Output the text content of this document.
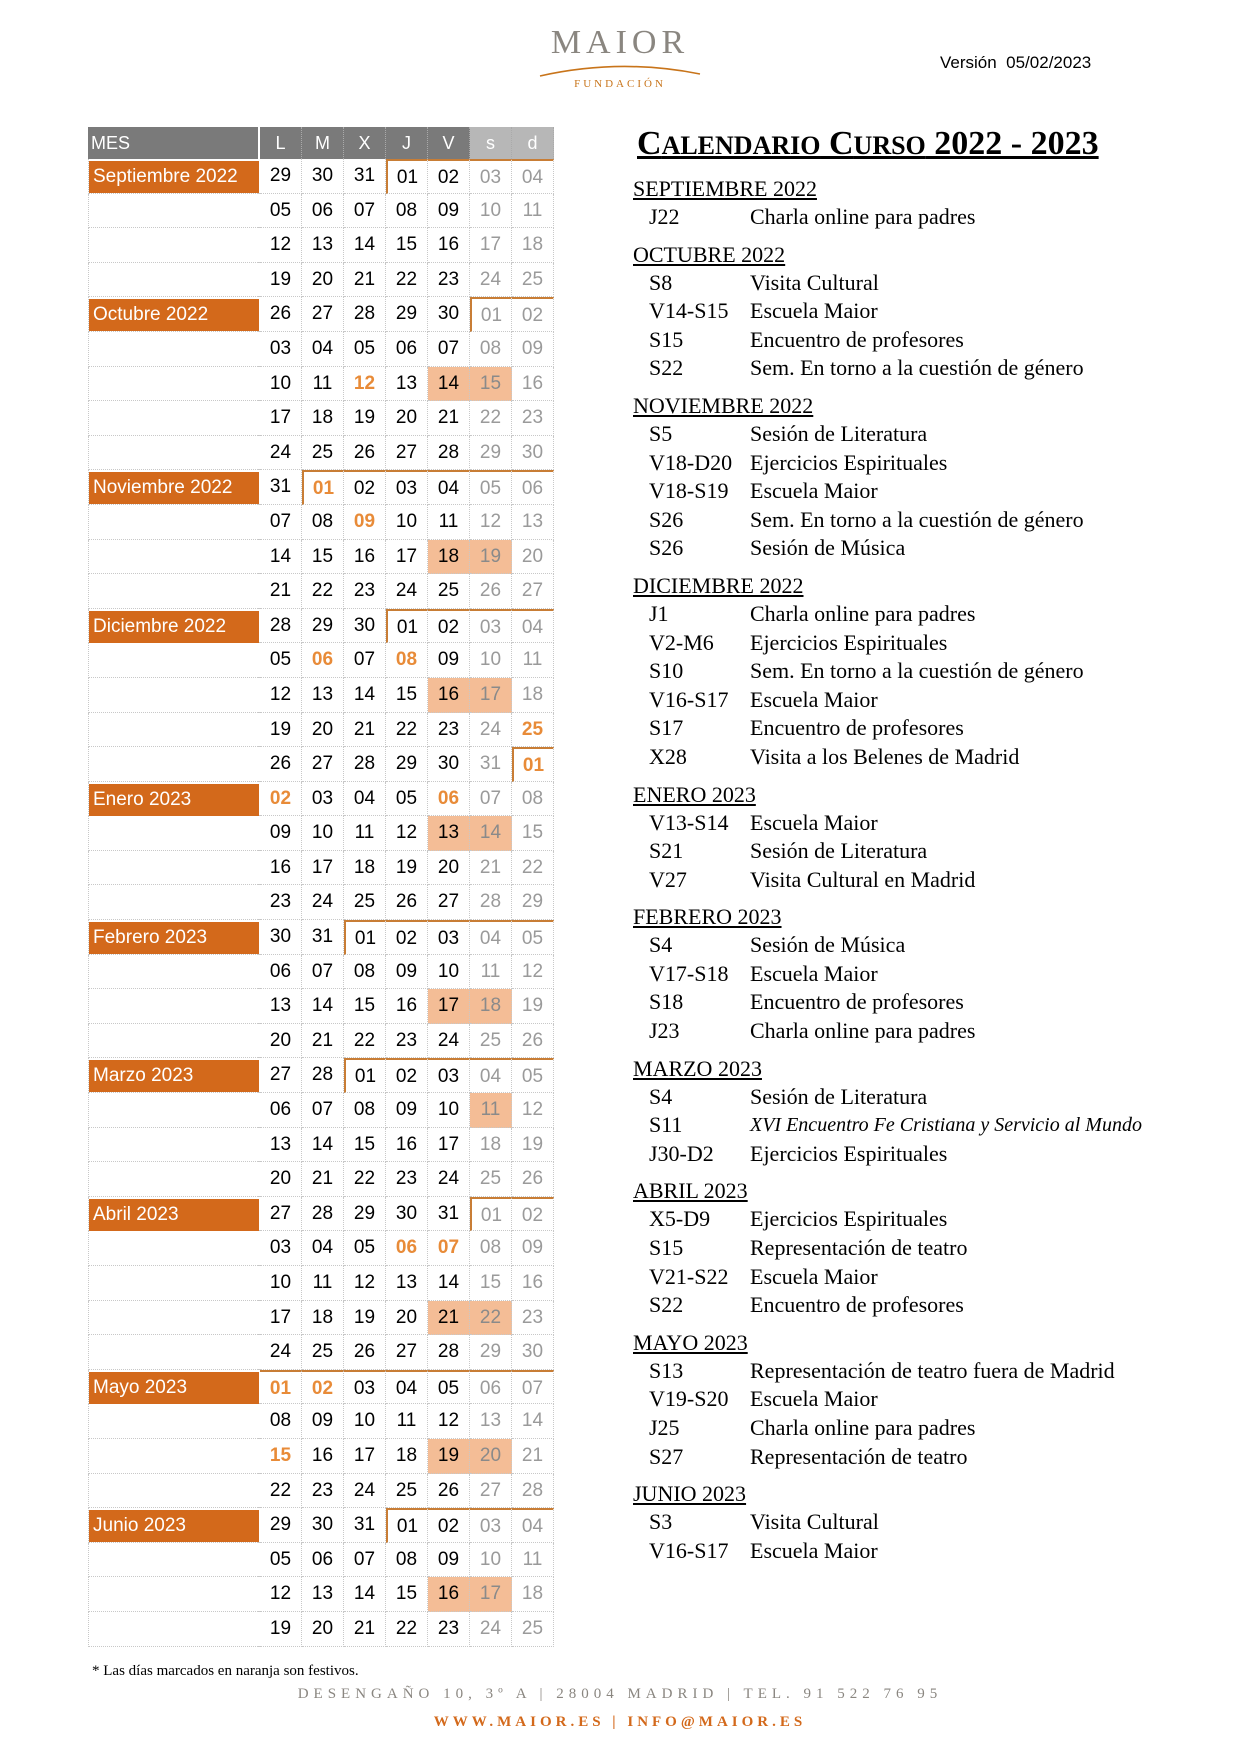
MAIOR
FUNDACIÓN
Versión  05/02/2023
MES	L	M	X	J	V	s	d
Septiembre 2022	29	30	31	01	02	03	04
05	06	07	08	09	10	11
12	13	14	15	16	17	18
19	20	21	22	23	24	25
Octubre 2022	26	27	28	29	30	01	02
03	04	05	06	07	08	09
10	11	12	13	14	15	16
17	18	19	20	21	22	23
24	25	26	27	28	29	30
Noviembre 2022	31	01	02	03	04	05	06
07	08	09	10	11	12	13
14	15	16	17	18	19	20
21	22	23	24	25	26	27
Diciembre 2022	28	29	30	01	02	03	04
05	06	07	08	09	10	11
12	13	14	15	16	17	18
19	20	21	22	23	24	25
26	27	28	29	30	31	01
Enero 2023	02	03	04	05	06	07	08
09	10	11	12	13	14	15
16	17	18	19	20	21	22
23	24	25	26	27	28	29
Febrero 2023	30	31	01	02	03	04	05
06	07	08	09	10	11	12
13	14	15	16	17	18	19
20	21	22	23	24	25	26
Marzo 2023	27	28	01	02	03	04	05
06	07	08	09	10	11	12
13	14	15	16	17	18	19
20	21	22	23	24	25	26
Abril 2023	27	28	29	30	31	01	02
03	04	05	06	07	08	09
10	11	12	13	14	15	16
17	18	19	20	21	22	23
24	25	26	27	28	29	30
Mayo 2023	01	02	03	04	05	06	07
08	09	10	11	12	13	14
15	16	17	18	19	20	21
22	23	24	25	26	27	28
Junio 2023	29	30	31	01	02	03	04
05	06	07	08	09	10	11
12	13	14	15	16	17	18
19	20	21	22	23	24	25
* Las días marcados en naranja son festivos.
CALENDARIO CURSO 2022 - 2023
SEPTIEMBRE 2022
J22	Charla online para padres
OCTUBRE 2022
S8	Visita Cultural
V14-S15 Escuela Maior
S15	Encuentro de profesores
S22	Sem. En torno a la cuestión de género
NOVIEMBRE 2022
S5	Sesión de Literatura
V18-D20 Ejercicios Espirituales
V18-S19 Escuela Maior
S26	Sem. En torno a la cuestión de género
S26	Sesión de Música
DICIEMBRE 2022
J1	Charla online para padres
V2-M6	Ejercicios Espirituales
S10	Sem. En torno a la cuestión de género
V16-S17 Escuela Maior
S17	Encuentro de profesores
X28	Visita a los Belenes de Madrid
ENERO 2023
V13-S14 Escuela Maior
S21	Sesión de Literatura
V27	Visita Cultural en Madrid
FEBRERO 2023
S4	Sesión de Música
V17-S18 Escuela Maior
S18	Encuentro de profesores
J23	Charla online para padres
MARZO 2023
S4	Sesión de Literatura
S11	XVI Encuentro Fe Cristiana y Servicio al Mundo
J30-D2	Ejercicios Espirituales
ABRIL 2023
X5-D9	Ejercicios Espirituales
S15	Representación de teatro
V21-S22 Escuela Maior
S22	Encuentro de profesores
MAYO 2023
S13	Representación de teatro fuera de Madrid
V19-S20 Escuela Maior
J25	Charla online para padres
S27	Representación de teatro
JUNIO 2023
S3	Visita Cultural
V16-S17 Escuela Maior
DESENGAÑO 10, 3º A | 28004 MADRID | TEL. 91 522 76 95
WWW.MAIOR.ES | INFO@MAIOR.ES
